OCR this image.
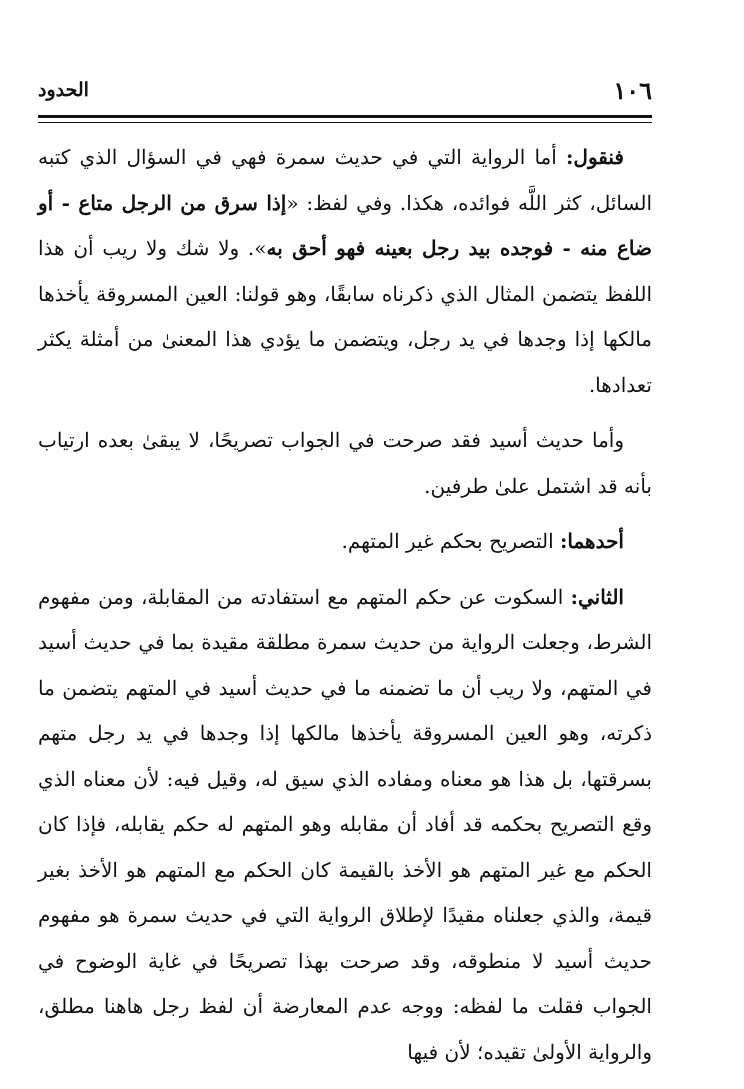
١٠٦
الحدود

فنقول: أما الرواية التي في حديث سمرة فهي في السؤال الذي كتبه السائل، كثر اللَّه فوائده، هكذا. وفي لفظ: «إذا سرق من الرجل متاع - أو ضاع منه - فوجده بيد رجل بعينه فهو أحق به». ولا شك ولا ريب أن هذا اللفظ يتضمن المثال الذي ذكرناه سابقًا، وهو قولنا: العين المسروقة يأخذها مالكها إذا وجدها في يد رجل، ويتضمن ما يؤدي هذا المعنىٰ من أمثلة يكثر تعدادها.

وأما حديث أسيد فقد صرحت في الجواب تصريحًا، لا يبقىٰ بعده ارتياب بأنه قد اشتمل علىٰ طرفين.

أحدهما: التصريح بحكم غير المتهم.

الثاني: السكوت عن حكم المتهم مع استفادته من المقابلة، ومن مفهوم الشرط، وجعلت الرواية من حديث سمرة مطلقة مقيدة بما في حديث أسيد في المتهم، ولا ريب أن ما تضمنه ما في حديث أسيد في المتهم يتضمن ما ذكرته، وهو العين المسروقة يأخذها مالكها إذا وجدها في يد رجل متهم بسرقتها، بل هذا هو معناه ومفاده الذي سيق له، وقيل فيه: لأن معناه الذي وقع التصريح بحكمه قد أفاد أن مقابله وهو المتهم له حكم يقابله، فإذا كان الحكم مع غير المتهم هو الأخذ بالقيمة كان الحكم مع المتهم هو الأخذ بغير قيمة، والذي جعلناه مقيدًا لإطلاق الرواية التي في حديث سمرة هو مفهوم حديث أسيد لا منطوقه، وقد صرحت بهذا تصريحًا في غاية الوضوح في الجواب فقلت ما لفظه: ووجه عدم المعارضة أن لفظ رجل هاهنا مطلق، والرواية الأولىٰ تقيده؛ لأن فيها
